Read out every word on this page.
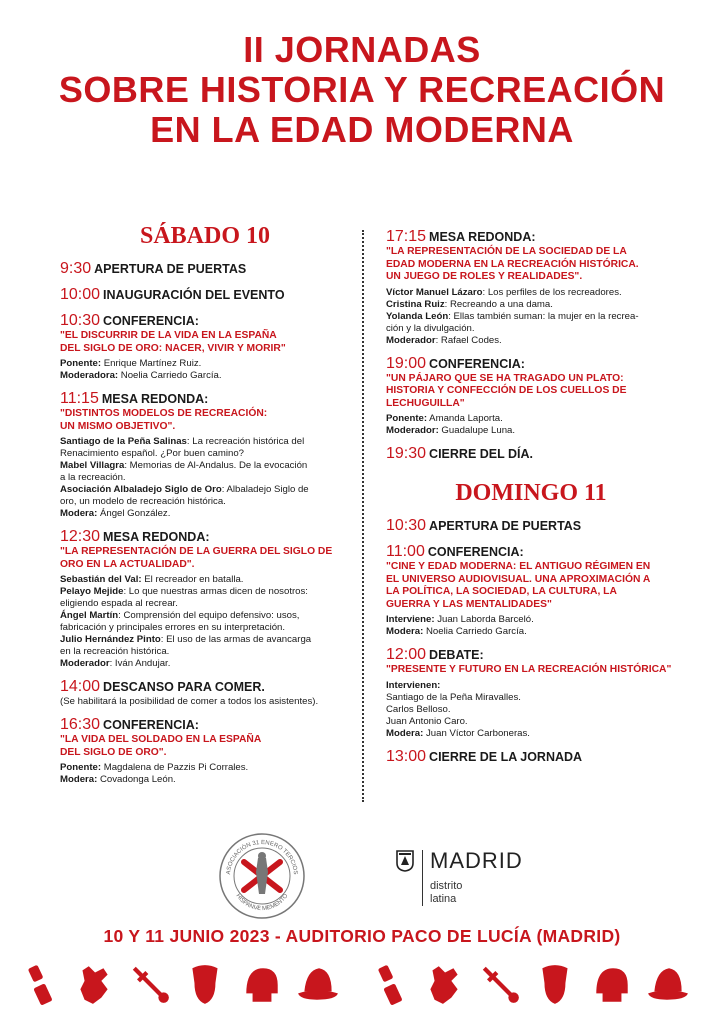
II JORNADAS
SOBRE HISTORIA Y RECREACIÓN
EN LA EDAD MODERNA
SÁBADO 10
9:30 APERTURA DE PUERTAS
10:00 INAUGURACIÓN DEL EVENTO
10:30 CONFERENCIA:
"EL DISCURRIR DE LA VIDA EN LA ESPAÑA
DEL SIGLO DE ORO: NACER, VIVIR Y MORIR"
Ponente: Enrique Martínez Ruiz.
Moderadora: Noelia Carriedo García.
11:15 MESA REDONDA:
"DISTINTOS MODELOS DE RECREACIÓN:
UN MISMO OBJETIVO".
Santiago de la Peña Salinas: La recreación histórica del
Renacimiento español. ¿Por buen camino?
Mabel Villagra: Memorias de Al-Andalus. De la evocación
a la recreación.
Asociación Albaladejo Siglo de Oro: Albaladejo Siglo de
oro, un modelo de recreación histórica.
Modera: Ángel González.
12:30 MESA REDONDA:
"LA REPRESENTACIÓN DE LA GUERRA DEL SIGLO DE
ORO EN LA ACTUALIDAD".
Sebastián del Val: El recreador en batalla.
Pelayo Mejide: Lo que nuestras armas dicen de nosotros:
eligiendo espada al recrear.
Ángel Martín: Comprensión del equipo defensivo: usos,
fabricación y principales errores en su interpretación.
Julio Hernández Pinto: El uso de las armas de avancarga
en la recreación histórica.
Moderador: Iván Andujar.
14:00 DESCANSO PARA COMER.
(Se habilitará la posibilidad de comer a todos los asistentes).
16:30 CONFERENCIA:
"LA VIDA DEL SOLDADO EN LA ESPAÑA
DEL SIGLO DE ORO".
Ponente: Magdalena de Pazzis Pi Corrales.
Modera: Covadonga León.
17:15 MESA REDONDA:
"LA REPRESENTACIÓN DE LA SOCIEDAD DE LA
EDAD MODERNA EN LA RECREACIÓN HISTÓRICA.
UN JUEGO DE ROLES Y REALIDADES".
Víctor Manuel Lázaro: Los perfiles de los recreadores.
Cristina Ruiz: Recreando a una dama.
Yolanda León: Ellas también suman: la mujer en la recrea-
ción y la divulgación.
Moderador: Rafael Codes.
19:00 CONFERENCIA:
"UN PÁJARO QUE SE HA TRAGADO UN PLATO:
HISTORIA Y CONFECCIÓN DE LOS CUELLOS DE
LECHUGUILLA"
Ponente: Amanda Laporta.
Moderador: Guadalupe Luna.
19:30 CIERRE DEL DÍA.
DOMINGO 11
10:30 APERTURA DE PUERTAS
11:00 CONFERENCIA:
"CINE Y EDAD MODERNA: EL ANTIGUO RÉGIMEN EN
EL UNIVERSO AUDIOVISUAL. UNA APROXIMACIÓN A
LA POLÍTICA, LA SOCIEDAD, LA CULTURA, LA
GUERRA Y LAS MENTALIDADES"
Interviene: Juan Laborda Barceló.
Modera: Noelia Carriedo García.
12:00 DEBATE:
"PRESENTE Y FUTURO EN LA RECREACIÓN HISTÓRICA"
Intervienen:
Santiago de la Peña Miravalles.
Carlos Belloso.
Juan Antonio Caro.
Modera: Juan Víctor Carboneras.
13:00 CIERRE DE LA JORNADA
ASOCIACIÓN 31 ENERO TERCIOS
HISPANIÆ MEMENTO
MADRID
distrito
latina
10 Y 11 JUNIO 2023 - AUDITORIO PACO DE LUCÍA (MADRID)
